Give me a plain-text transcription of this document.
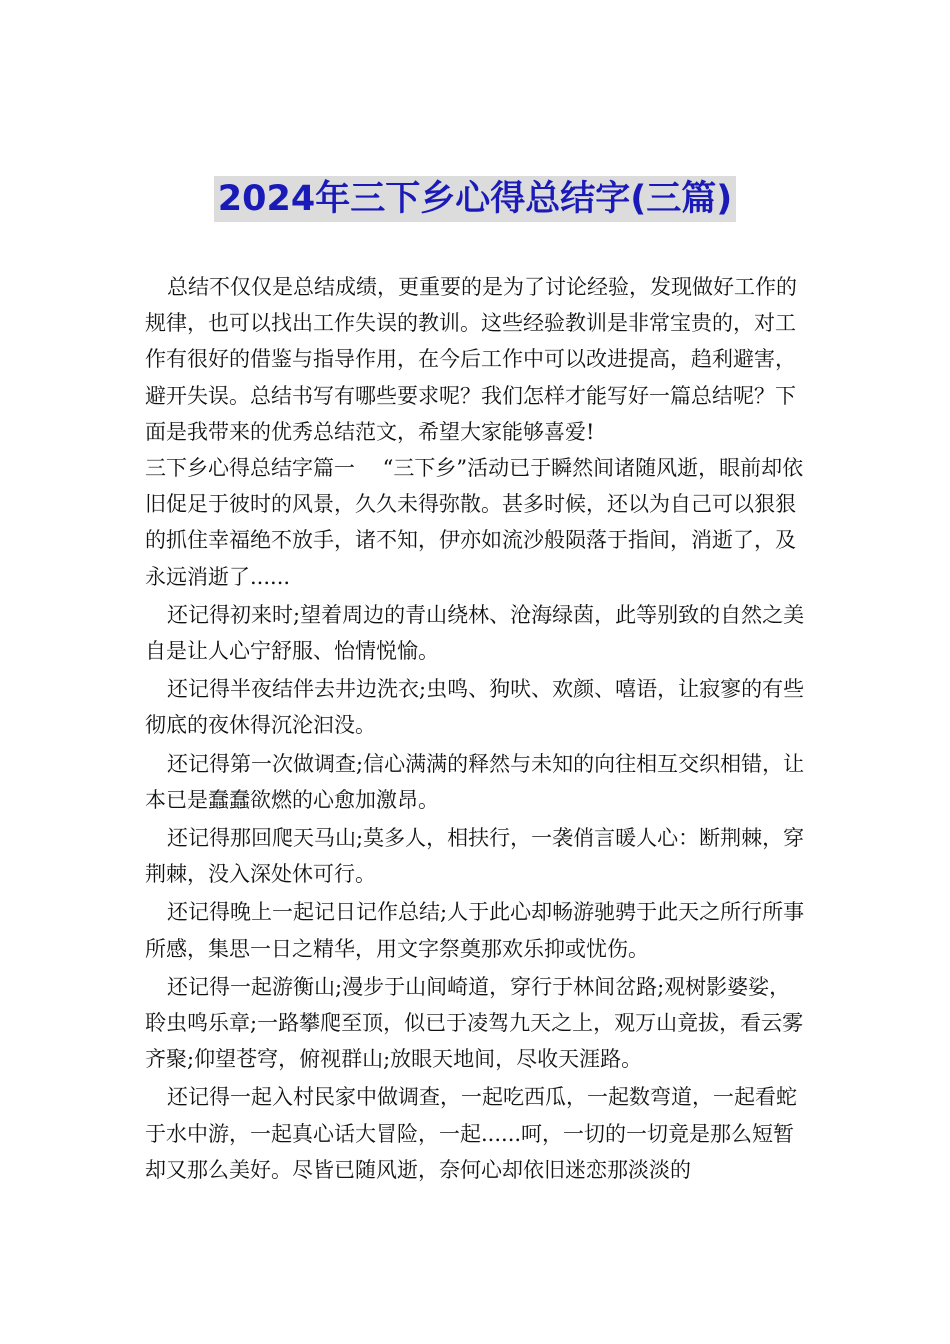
2024年三下乡心得总结字(三篇)

总结不仅仅是总结成绩，更重要的是为了讨论经验，发现做好工作的规律，也可以找出工作失误的教训。这些经验教训是非常宝贵的，对工作有很好的借鉴与指导作用，在今后工作中可以改进提高，趋利避害，避开失误。总结书写有哪些要求呢？我们怎样才能写好一篇总结呢？下面是我带来的优秀总结范文，希望大家能够喜爱!

三下乡心得总结字篇一　 “三下乡”活动已于瞬然间诸随风逝，眼前却依旧促足于彼时的风景，久久未得弥散。甚多时候，还以为自己可以狠狠的抓住幸福绝不放手，诸不知，伊亦如流沙般陨落于指间，消逝了，及永远消逝了......

还记得初来时;望着周边的青山绕林、沧海绿茵，此等别致的自然之美自是让人心宁舒服、怡情悦愉。

还记得半夜结伴去井边洗衣;虫鸣、狗吠、欢颜、嘻语，让寂寥的有些彻底的夜休得沉沦汩没。

还记得第一次做调查;信心满满的释然与未知的向往相互交织相错，让本已是蠢蠢欲燃的心愈加激昂。

还记得那回爬天马山;莫多人，相扶行，一袭俏言暖人心：断荆棘，穿荆棘，没入深处休可行。

还记得晚上一起记日记作总结;人于此心却畅游驰骋于此天之所行所事所感，集思一日之精华，用文字祭奠那欢乐抑或忧伤。

还记得一起游衡山;漫步于山间崎道，穿行于林间岔路;观树影婆娑，聆虫鸣乐章;一路攀爬至顶，似已于凌驾九天之上，观万山竟拔，看云雾齐聚;仰望苍穹，俯视群山;放眼天地间，尽收天涯路。

还记得一起入村民家中做调查，一起吃西瓜，一起数弯道，一起看蛇于水中游，一起真心话大冒险，一起......呵，一切的一切竟是那么短暂却又那么美好。尽皆已随风逝，奈何心却依旧迷恋那淡淡的
